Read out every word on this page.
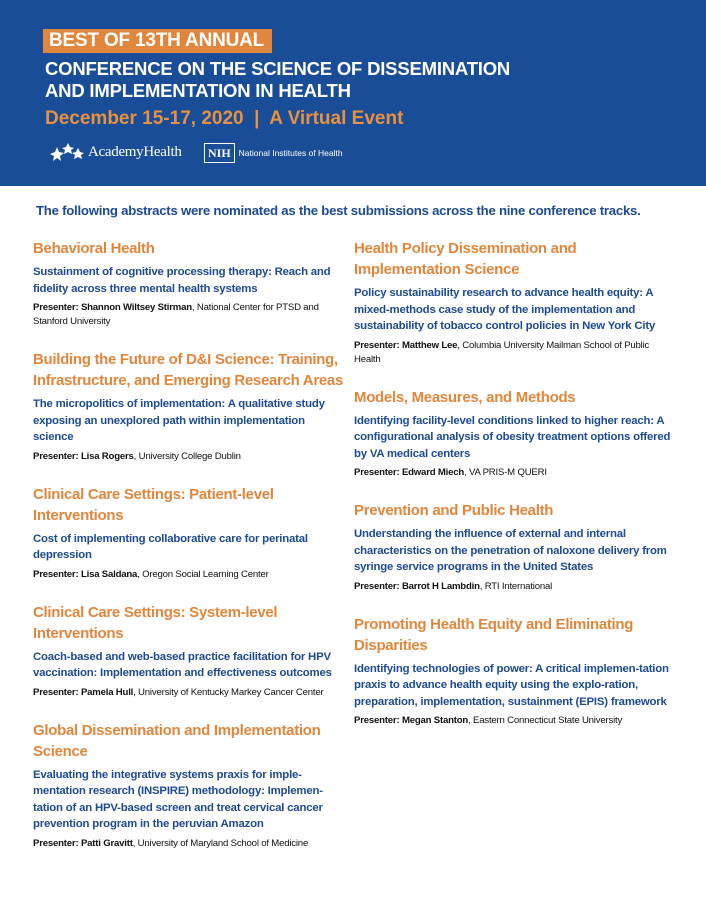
BEST OF 13TH ANNUAL
CONFERENCE ON THE SCIENCE OF DISSEMINATION
AND IMPLEMENTATION IN HEALTH
December 15-17, 2020  |  A Virtual Event
AcademyHealth	NIH National Institutes of Health
The following abstracts were nominated as the best submissions across the nine conference tracks.
Behavioral Health
Sustainment of cognitive processing therapy: Reach and fidelity across three mental health systems
Presenter: Shannon Wiltsey Stirman, National Center for PTSD and Stanford University
Building the Future of D&I Science: Training, Infrastructure, and Emerging Research Areas
The micropolitics of implementation: A qualitative study exposing an unexplored path within implementation science
Presenter: Lisa Rogers, University College Dublin
Clinical Care Settings: Patient-level Interventions
Cost of implementing collaborative care for perinatal depression
Presenter: Lisa Saldana, Oregon Social Learning Center
Clinical Care Settings: System-level Interventions
Coach-based and web-based practice facilitation for HPV vaccination: Implementation and effectiveness outcomes
Presenter: Pamela Hull, University of Kentucky Markey Cancer Center
Global Dissemination and Implementation Science
Evaluating the integrative systems praxis for imple-mentation research (INSPIRE) methodology: Implemen-tation of an HPV-based screen and treat cervical cancer prevention program in the peruvian Amazon
Presenter: Patti Gravitt, University of Maryland School of Medicine
Health Policy Dissemination and Implementation Science
Policy sustainability research to advance health equity: A mixed-methods case study of the implementation and sustainability of tobacco control policies in New York City
Presenter: Matthew Lee, Columbia University Mailman School of Public Health
Models, Measures, and Methods
Identifying facility-level conditions linked to higher reach: A configurational analysis of obesity treatment options offered by VA medical centers
Presenter: Edward Miech, VA PRIS-M QUERI
Prevention and Public Health
Understanding the influence of external and internal characteristics on the penetration of naloxone delivery from syringe service programs in the United States
Presenter: Barrot H Lambdin, RTI International
Promoting Health Equity and Eliminating Disparities
Identifying technologies of power: A critical implemen-tation praxis to advance health equity using the explo-ration, preparation, implementation, sustainment (EPIS) framework
Presenter: Megan Stanton, Eastern Connecticut State University
